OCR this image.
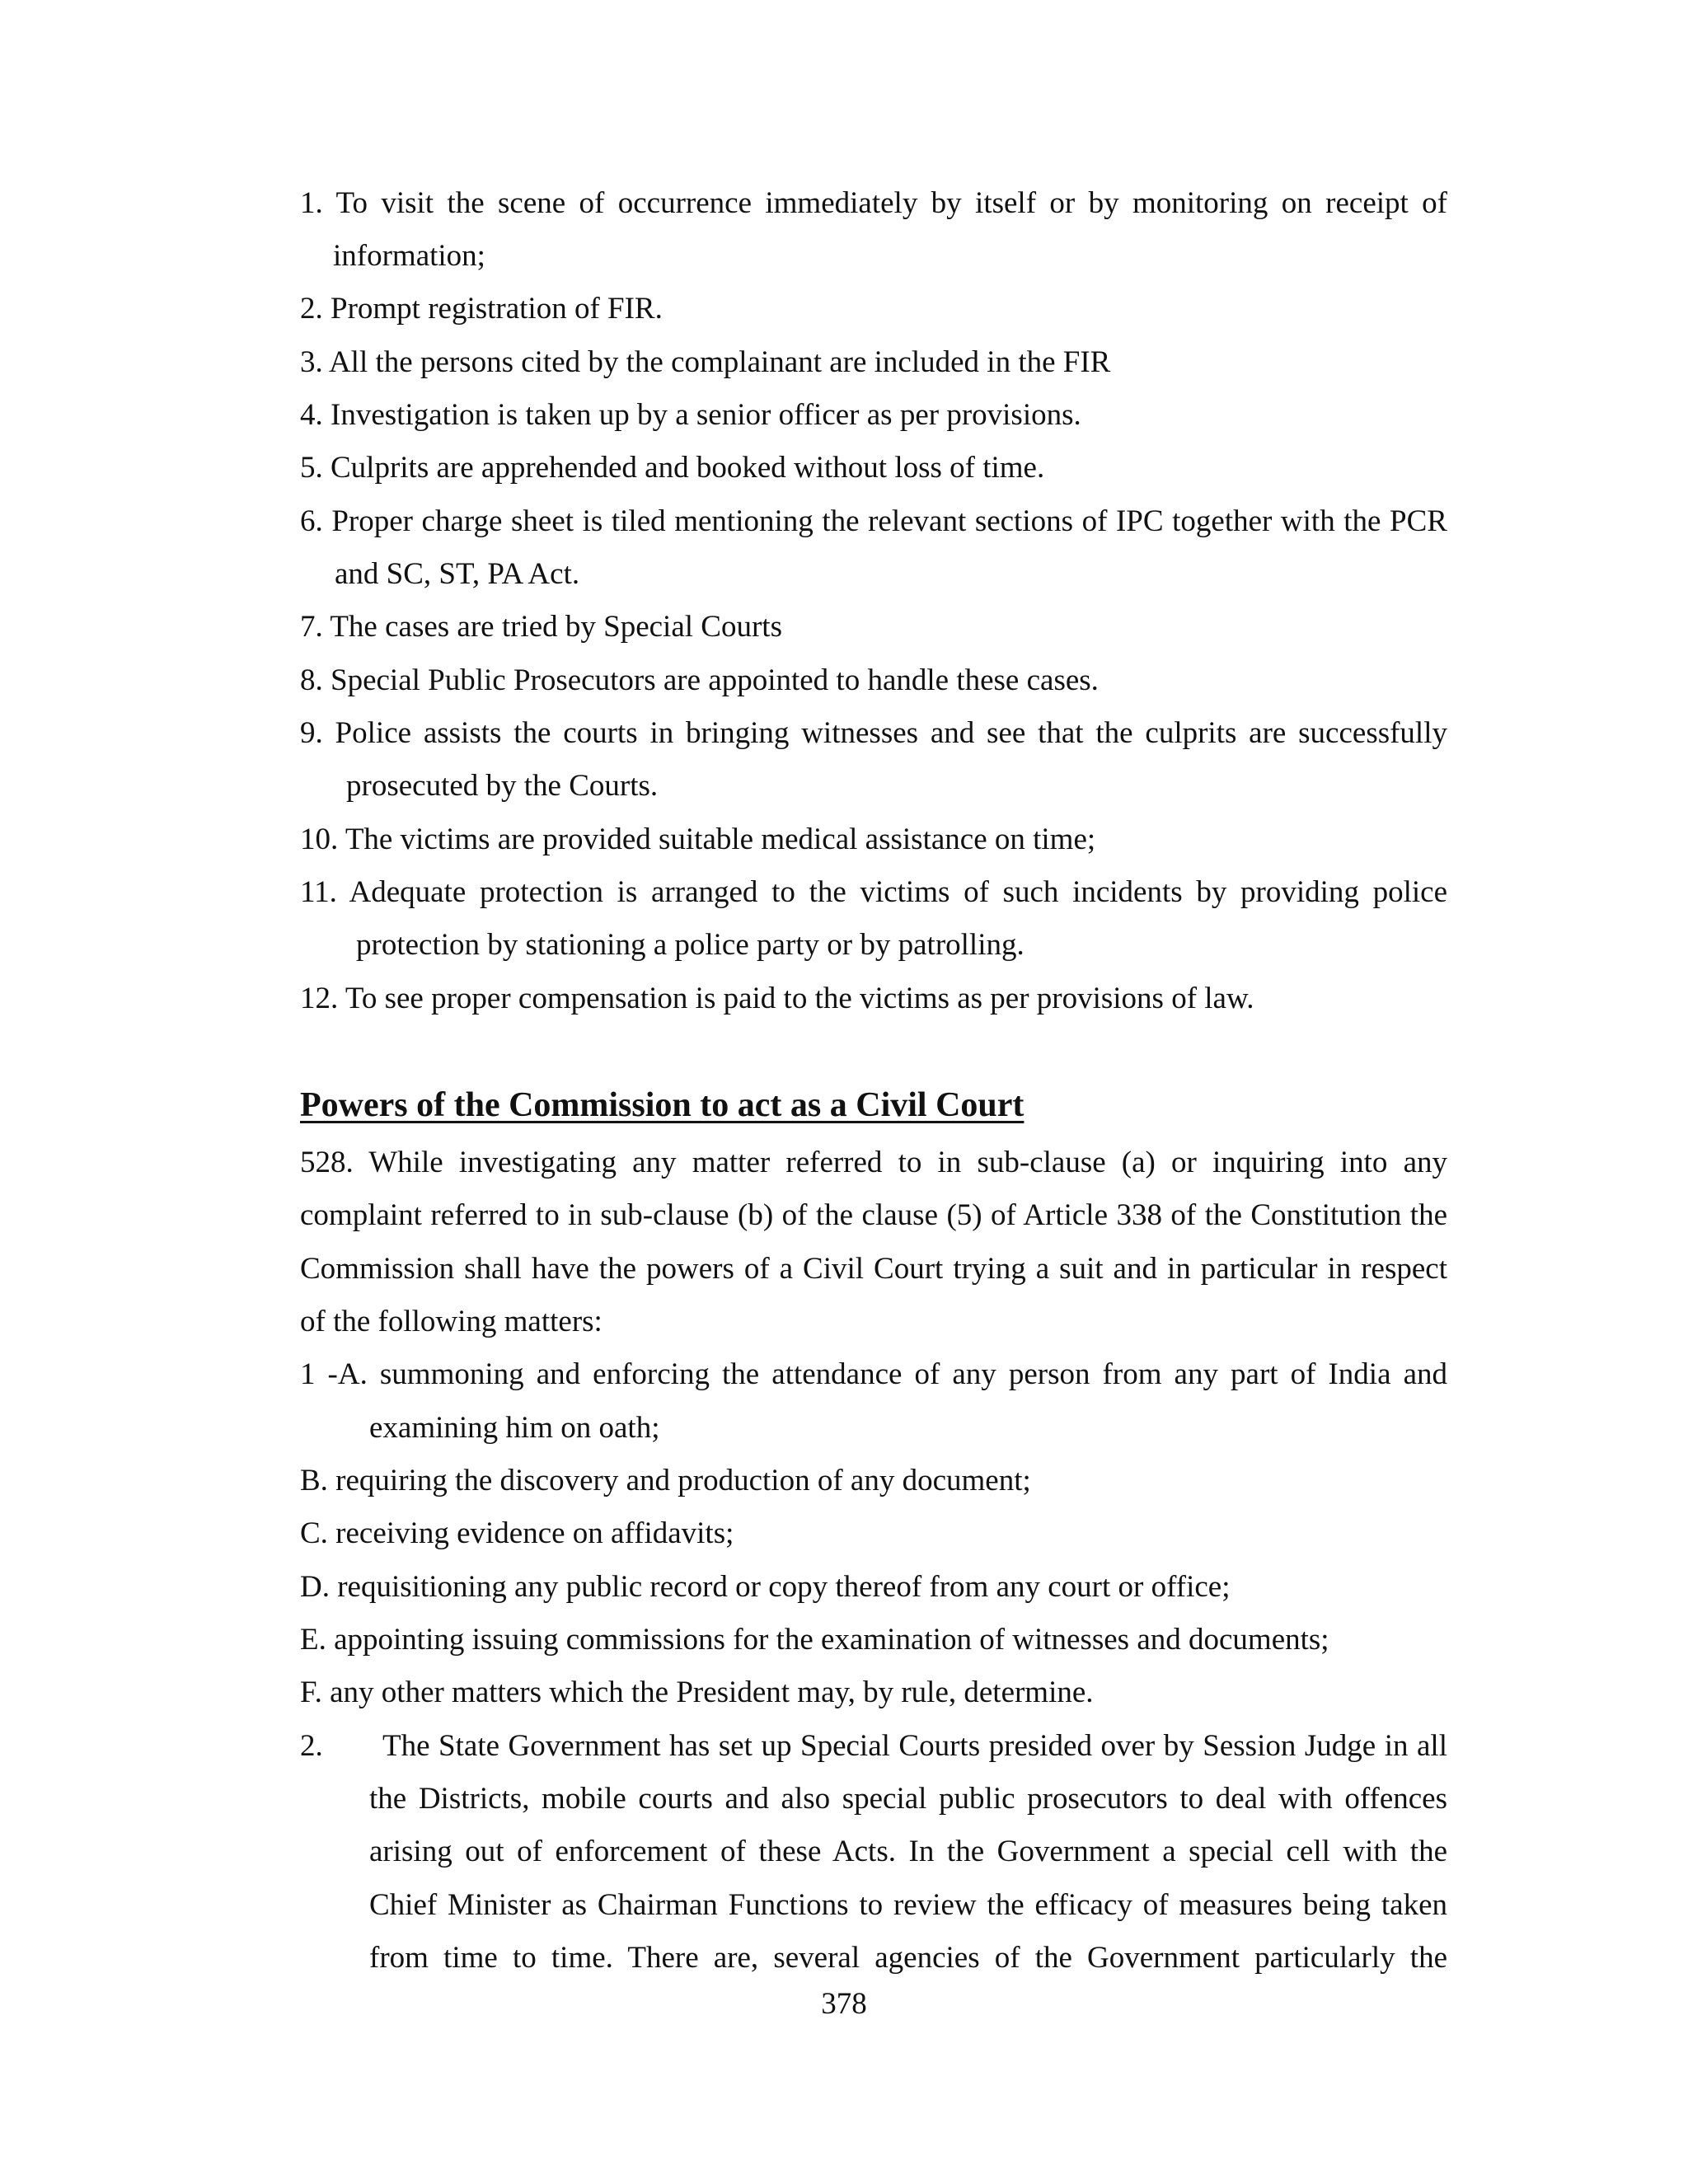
1. To visit the scene of occurrence immediately by itself or by monitoring on receipt of
information;
2. Prompt registration of FIR.
3. All the persons cited by the complainant are included in the FIR
4. Investigation is taken up by a senior officer as per provisions.
5. Culprits are apprehended and booked without loss of time.
6. Proper charge sheet is tiled mentioning the relevant sections of IPC together with the PCR
and SC, ST, PA Act.
7. The cases are tried by Special Courts
8. Special Public Prosecutors are appointed to handle these cases.
9. Police assists the courts in bringing witnesses and see that the culprits are successfully
prosecuted by the Courts.
10. The victims are provided suitable medical assistance on time;
11. Adequate protection is arranged to the victims of such incidents by providing police
protection by stationing a police party or by patrolling.
12. To see proper compensation is paid to the victims as per provisions of law.
Powers of the Commission to act as a Civil Court
528. While investigating any matter referred to in sub-clause (a) or inquiring into any
complaint referred to in sub-clause (b) of the clause (5) of Article 338 of the Constitution the
Commission shall have the powers of a Civil Court trying a suit and in particular in respect
of the following matters:
1 -A. summoning and enforcing the attendance of any person from any part of India and
examining him on oath;
B. requiring the discovery and production of any document;
C. receiving evidence on affidavits;
D. requisitioning any public record or copy thereof from any court or office;
E. appointing issuing commissions for the examination of witnesses and documents;
F. any other matters which the President may, by rule, determine.
2. The State Government has set up Special Courts presided over by Session Judge in all
the Districts, mobile courts and also special public prosecutors to deal with offences
arising out of enforcement of these Acts. In the Government a special cell with the
Chief Minister as Chairman Functions to review the efficacy of measures being taken
from time to time. There are, several agencies of the Government particularly the
378
